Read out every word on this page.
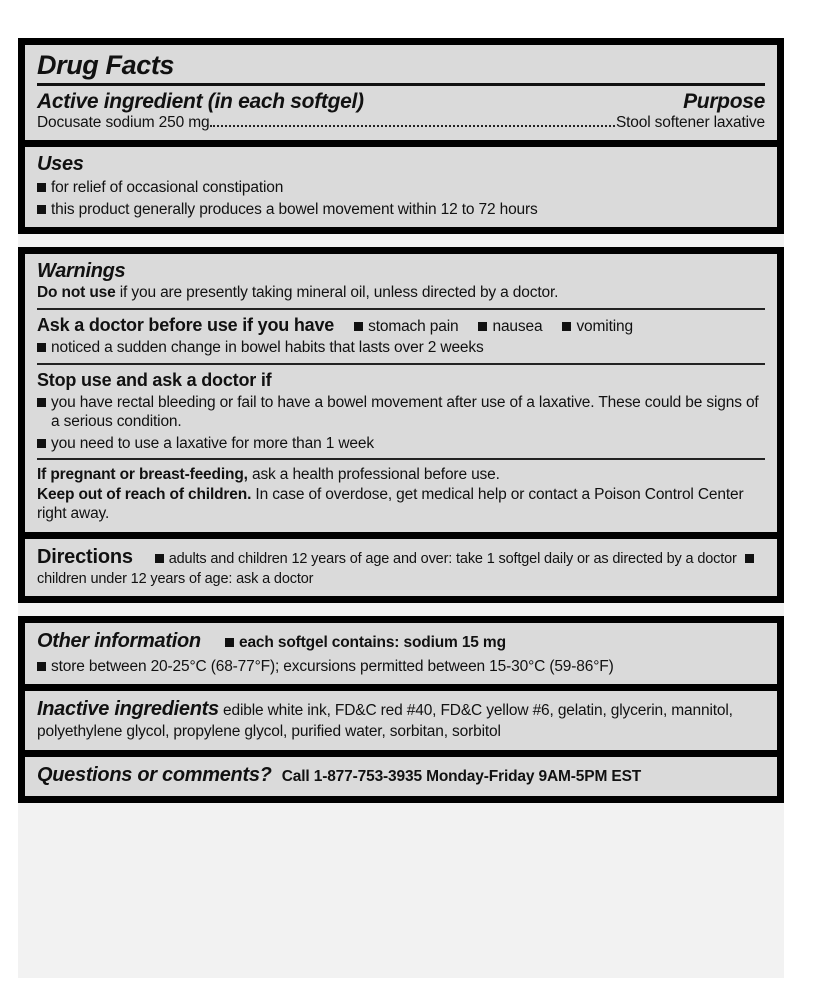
Drug Facts
Active ingredient (in each softgel)	Purpose
Docusate sodium 250 mg	Stool softener laxative
Uses
for relief of occasional constipation
this product generally produces a bowel movement within 12 to 72 hours
Warnings
Do not use if you are presently taking mineral oil, unless directed by a doctor.
Ask a doctor before use if you have stomach pain nausea vomiting
noticed a sudden change in bowel habits that lasts over 2 weeks
Stop use and ask a doctor if
you have rectal bleeding or fail to have a bowel movement after use of a laxative. These could be signs of a serious condition.
you need to use a laxative for more than 1 week
If pregnant or breast-feeding, ask a health professional before use.
Keep out of reach of children. In case of overdose, get medical help or contact a Poison Control Center right away.
Directions adults and children 12 years of age and over: take 1 softgel daily or as directed by a doctor children under 12 years of age: ask a doctor
Other information each softgel contains: sodium 15 mg
store between 20-25°C (68-77°F); excursions permitted between 15-30°C (59-86°F)
Inactive ingredients edible white ink, FD&C red #40, FD&C yellow #6, gelatin, glycerin, mannitol, polyethylene glycol, propylene glycol, purified water, sorbitan, sorbitol
Questions or comments? Call 1-877-753-3935 Monday-Friday 9AM-5PM EST
